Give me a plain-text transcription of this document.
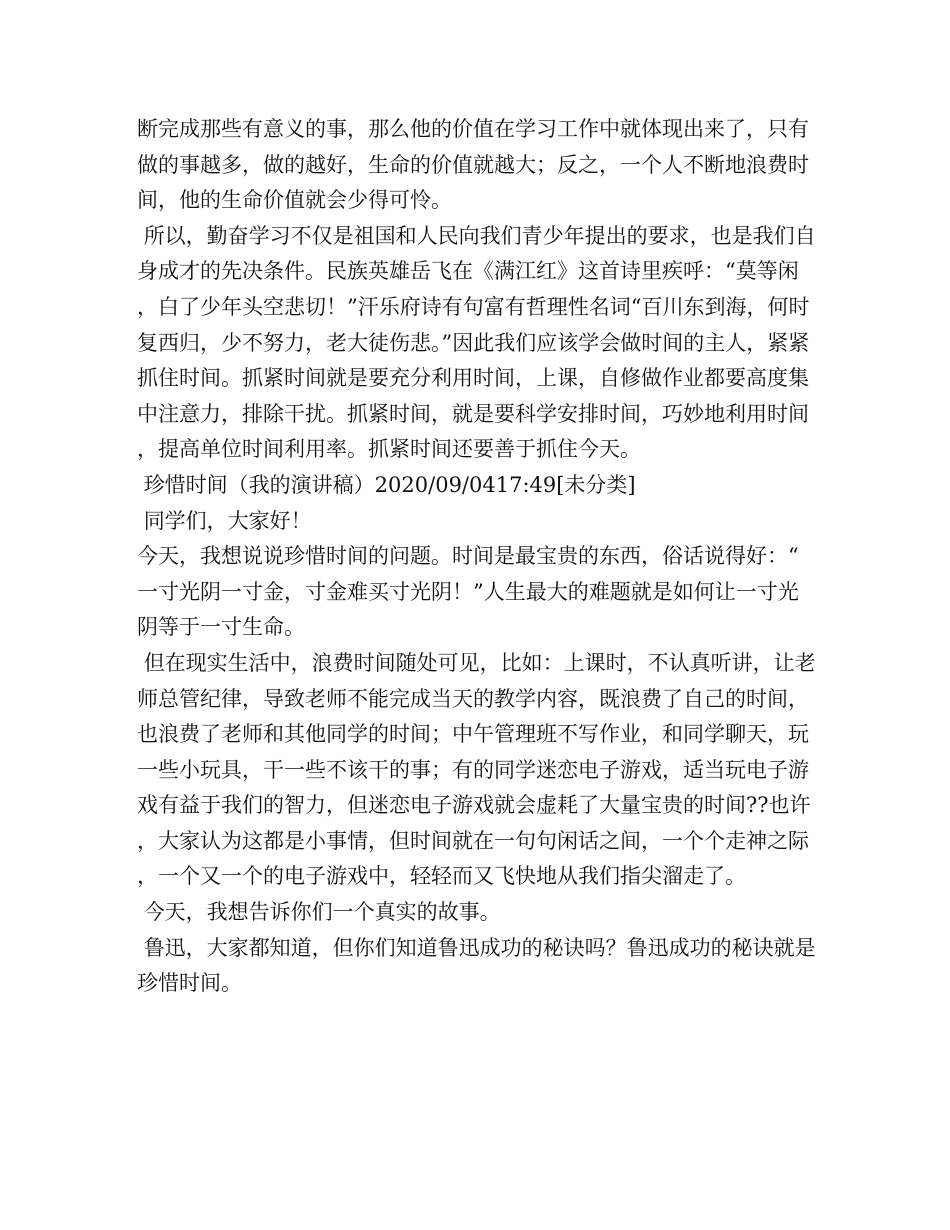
断完成那些有意义的事，那么他的价值在学习工作中就体现出来了，只有做的事越多，做的越好，生命的价值就越大；反之，一个人不断地浪费时间，他的生命价值就会少得可怜。

所以，勤奋学习不仅是祖国和人民向我们青少年提出的要求，也是我们自身成才的先决条件。民族英雄岳飞在《满江红》这首诗里疾呼：“莫等闲，白了少年头空悲切！”汗乐府诗有句富有哲理性名词“百川东到海，何时复西归，少不努力，老大徒伤悲。”因此我们应该学会做时间的主人，紧紧抓住时间。抓紧时间就是要充分利用时间，上课，自修做作业都要高度集中注意力，排除干扰。抓紧时间，就是要科学安排时间，巧妙地利用时间，提高单位时间利用率。抓紧时间还要善于抓住今天。

珍惜时间（我的演讲稿）2020/09/0417:49[未分类]

同学们，大家好！

今天，我想说说珍惜时间的问题。时间是最宝贵的东西，俗话说得好：“一寸光阴一寸金，寸金难买寸光阴！”人生最大的难题就是如何让一寸光阴等于一寸生命。

但在现实生活中，浪费时间随处可见，比如：上课时，不认真听讲，让老师总管纪律，导致老师不能完成当天的教学内容，既浪费了自己的时间，也浪费了老师和其他同学的时间；中午管理班不写作业，和同学聊天，玩一些小玩具，干一些不该干的事；有的同学迷恋电子游戏，适当玩电子游戏有益于我们的智力，但迷恋电子游戏就会虚耗了大量宝贵的时间??也许，大家认为这都是小事情，但时间就在一句句闲话之间，一个个走神之际，一个又一个的电子游戏中，轻轻而又飞快地从我们指尖溜走了。

今天，我想告诉你们一个真实的故事。

鲁迅，大家都知道，但你们知道鲁迅成功的秘诀吗？鲁迅成功的秘诀就是珍惜时间。
